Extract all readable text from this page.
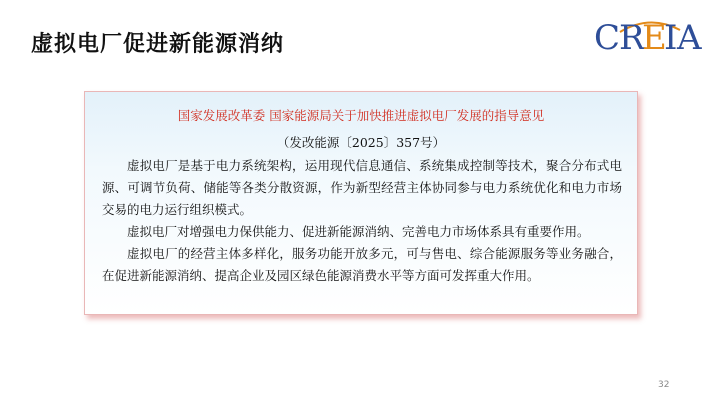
虚拟电厂促进新能源消纳	C
R
E
I A
国家发展改革委 国家能源局关于加快推进虚拟电厂发展的指导意见
（发改能源〔2025〕357号）

虚拟电厂是基于电力系统架构，运用现代信息通信、系统集成控制等技术，聚合分布式电源、可调节负荷、储能等各类分散资源，作为新型经营主体协同参与电力系统优化和电力市场交易的电力运行组织模式。

虚拟电厂对增强电力保供能力、促进新能源消纳、完善电力市场体系具有重要作用。

虚拟电厂的经营主体多样化，服务功能开放多元，可与售电、综合能源服务等业务融合，在促进新能源消纳、提高企业及园区绿色能源消费水平等方面可发挥重大作用。

32
